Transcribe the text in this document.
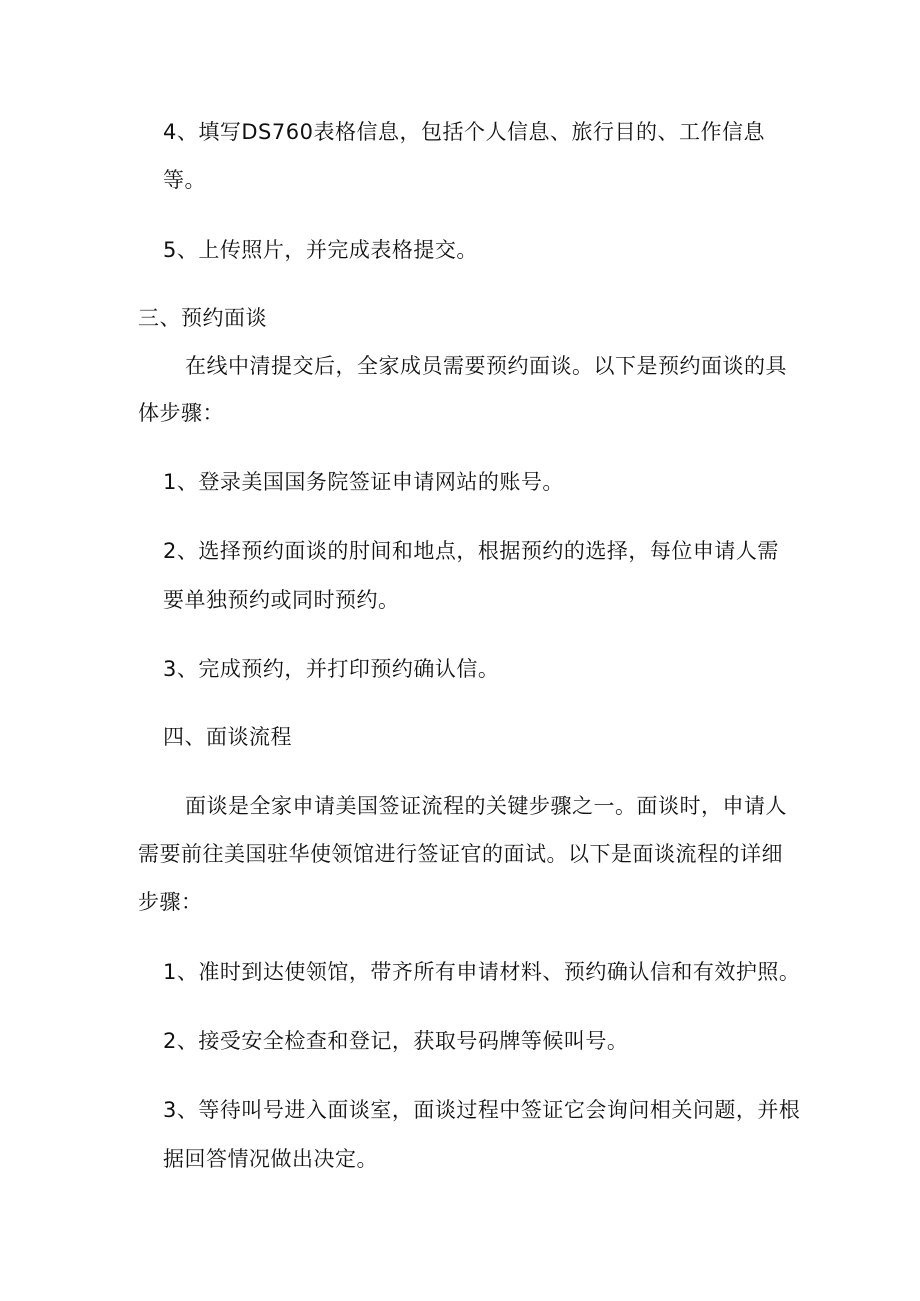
4、填写DS760表格信息，包括个人信息、旅行目的、工作信息
等。
5、上传照片，并完成表格提交。
三、预约面谈
在线中清提交后，全家成员需要预约面谈。以下是预约面谈的具
体步骤：
1、登录美国国务院签证申请网站的账号。
2、选择预约面谈的肘间和地点，根据预约的选择，每位申请人需
要单独预约或同时预约。
3、完成预约，并打印预约确认信。
四、面谈流程
面谈是全家申请美国签证流程的关键步骤之一。面谈时，申请人
需要前往美国驻华使领馆进行签证官的面试。以下是面谈流程的详细
步骤：
1、准时到达使领馆，带齐所有申请材料、预约确认信和有效护照。
2、接受安全检查和登记，获取号码牌等候叫号。
3、等待叫号进入面谈室，面谈过程中签证它会询问相关问题，并根
据回答情况做出决定。
